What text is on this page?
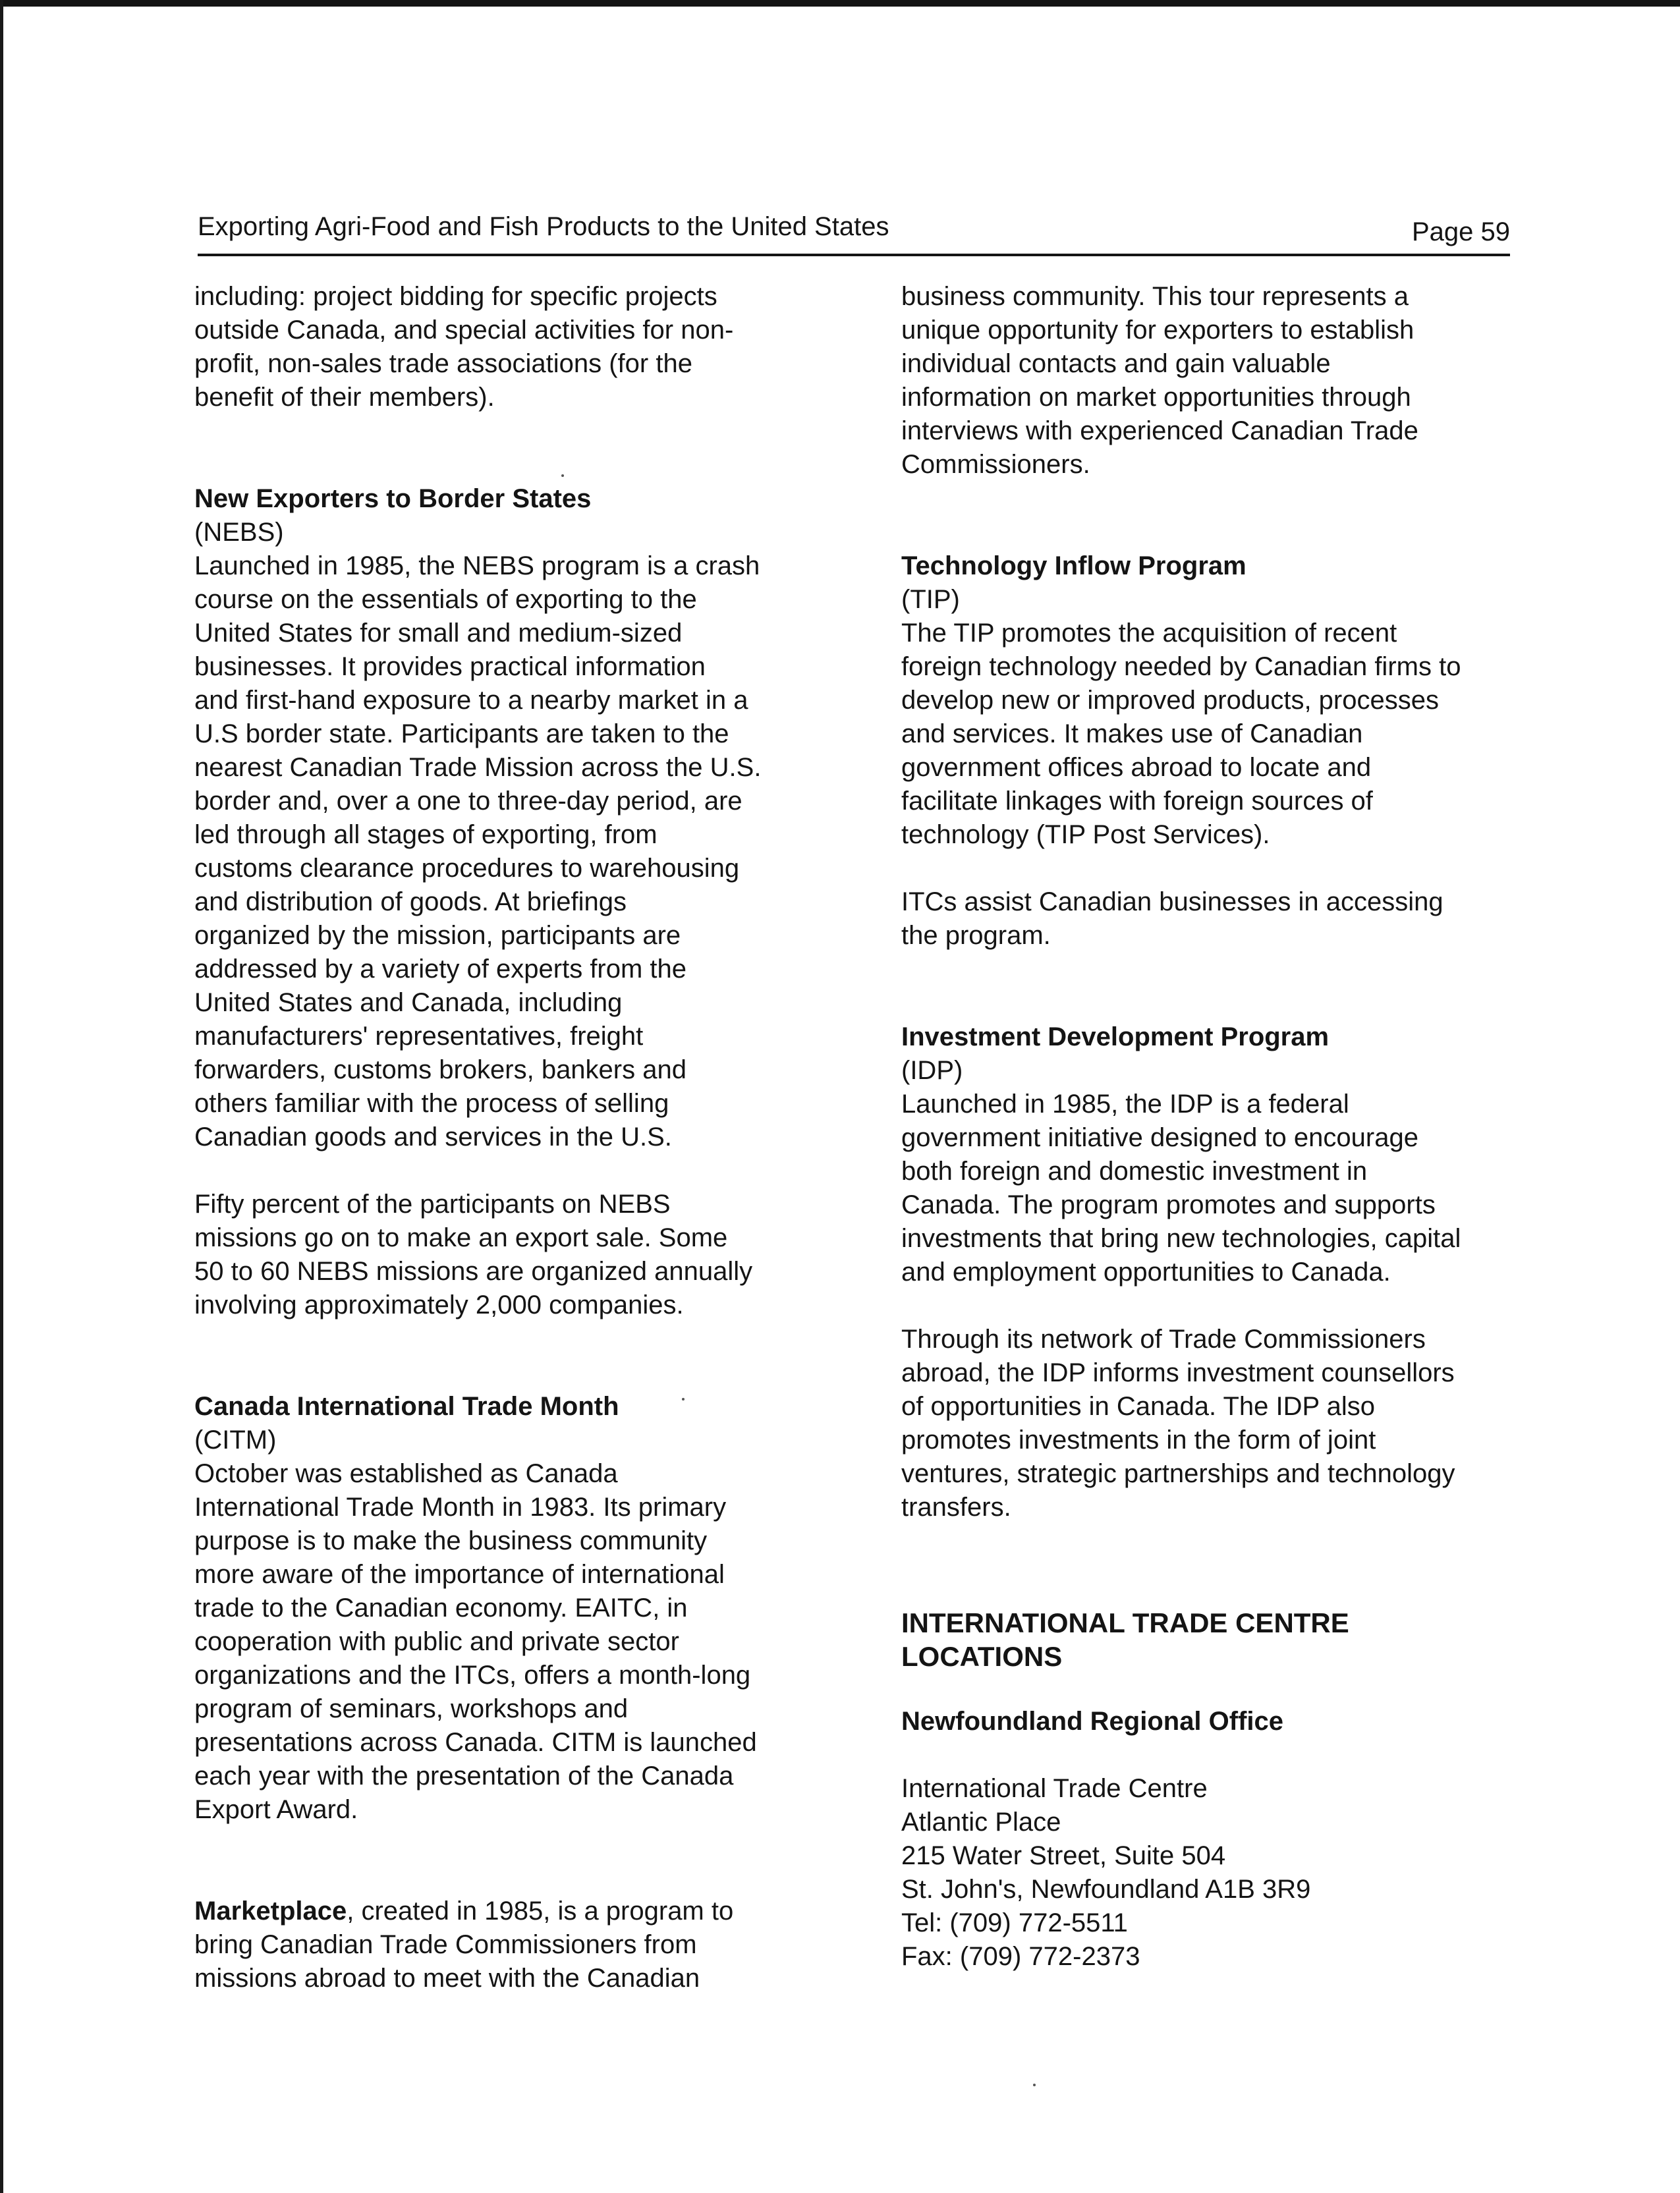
Exporting Agri-Food and Fish Products to the United States	Page 59

including: project bidding for specific projects
outside Canada, and special activities for non-
profit, non-sales trade associations (for the
benefit of their members).

New Exporters to Border States
(NEBS)
Launched in 1985, the NEBS program is a crash
course on the essentials of exporting to the
United States for small and medium-sized
businesses. It provides practical information
and first-hand exposure to a nearby market in a
U.S border state. Participants are taken to the
nearest Canadian Trade Mission across the U.S.
border and, over a one to three-day period, are
led through all stages of exporting, from
customs clearance procedures to warehousing
and distribution of goods. At briefings
organized by the mission, participants are
addressed by a variety of experts from the
United States and Canada, including
manufacturers' representatives, freight
forwarders, customs brokers, bankers and
others familiar with the process of selling
Canadian goods and services in the U.S.

Fifty percent of the participants on NEBS
missions go on to make an export sale. Some
50 to 60 NEBS missions are organized annually
involving approximately 2,000 companies.

Canada International Trade Month
(CITM)
October was established as Canada
International Trade Month in 1983. Its primary
purpose is to make the business community
more aware of the importance of international
trade to the Canadian economy. EAITC, in
cooperation with public and private sector
organizations and the ITCs, offers a month-long
program of seminars, workshops and
presentations across Canada. CITM is launched
each year with the presentation of the Canada
Export Award.

Marketplace, created in 1985, is a program to
bring Canadian Trade Commissioners from
missions abroad to meet with the Canadian

business community. This tour represents a
unique opportunity for exporters to establish
individual contacts and gain valuable
information on market opportunities through
interviews with experienced Canadian Trade
Commissioners.

Technology Inflow Program
(TIP)
The TIP promotes the acquisition of recent
foreign technology needed by Canadian firms to
develop new or improved products, processes
and services. It makes use of Canadian
government offices abroad to locate and
facilitate linkages with foreign sources of
technology (TIP Post Services).

ITCs assist Canadian businesses in accessing
the program.

Investment Development Program
(IDP)
Launched in 1985, the IDP is a federal
government initiative designed to encourage
both foreign and domestic investment in
Canada. The program promotes and supports
investments that bring new technologies, capital
and employment opportunities to Canada.

Through its network of Trade Commissioners
abroad, the IDP informs investment counsellors
of opportunities in Canada. The IDP also
promotes investments in the form of joint
ventures, strategic partnerships and technology
transfers.

INTERNATIONAL TRADE CENTRE
LOCATIONS

Newfoundland Regional Office

International Trade Centre
Atlantic Place
215 Water Street, Suite 504
St. John's, Newfoundland A1B 3R9
Tel: (709) 772-5511
Fax: (709) 772-2373
